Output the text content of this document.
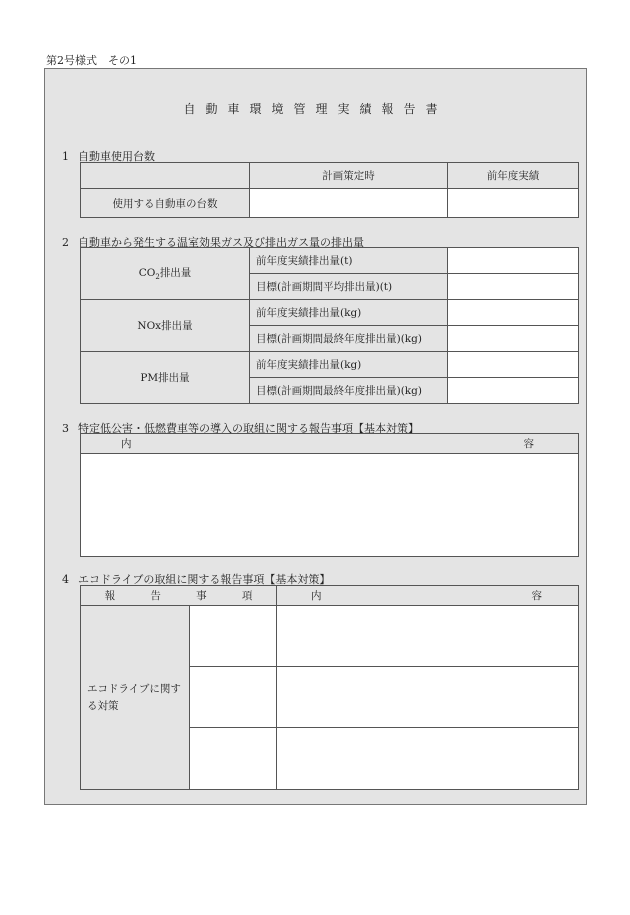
第2号様式　その1
自動車環境管理実績報告書
1 自動車使用台数
	計画策定時	前年度実績
使用する自動車の台数		
2 自動車から発生する温室効果ガス及び排出ガス量の排出量
$CO_2$排出量	前年度実績排出量(t)	
	目標(計画期間平均排出量)(t)	
NOx排出量	前年度実績排出量(kg)	
	目標(計画期間最終年度排出量)(kg)	
PM排出量	前年度実績排出量(kg)	
	目標(計画期間最終年度排出量)(kg)	
3 特定低公害・低燃費車等の導入の取組に関する報告事項【基本対策】
内	容

4 エコドライブの取組に関する報告事項【基本対策】
報 告 事 項		内 容

エコドライブに関する対策		
